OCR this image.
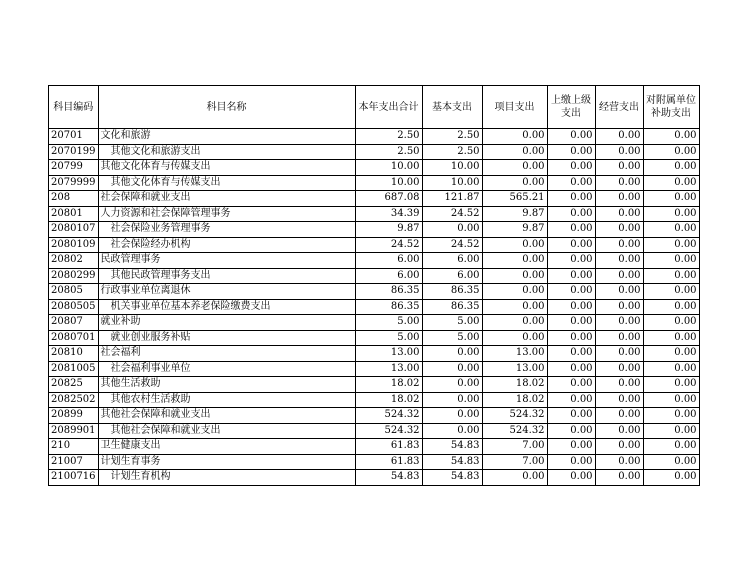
科目编码	科目名称	本年支出合计	基本支出	项目支出	上缴上级支出	经营支出	对附属单位补助支出
20701	文化和旅游	2.50	2.50	0.00	0.00	0.00	0.00
2070199	其他文化和旅游支出	2.50	2.50	0.00	0.00	0.00	0.00
20799	其他文化体育与传媒支出	10.00	10.00	0.00	0.00	0.00	0.00
2079999	其他文化体育与传媒支出	10.00	10.00	0.00	0.00	0.00	0.00
208	社会保障和就业支出	687.08	121.87	565.21	0.00	0.00	0.00
20801	人力资源和社会保障管理事务	34.39	24.52	9.87	0.00	0.00	0.00
2080107	社会保险业务管理事务	9.87	0.00	9.87	0.00	0.00	0.00
2080109	社会保险经办机构	24.52	24.52	0.00	0.00	0.00	0.00
20802	民政管理事务	6.00	6.00	0.00	0.00	0.00	0.00
2080299	其他民政管理事务支出	6.00	6.00	0.00	0.00	0.00	0.00
20805	行政事业单位离退休	86.35	86.35	0.00	0.00	0.00	0.00
2080505	机关事业单位基本养老保险缴费支出	86.35	86.35	0.00	0.00	0.00	0.00
20807	就业补助	5.00	5.00	0.00	0.00	0.00	0.00
2080701	就业创业服务补贴	5.00	5.00	0.00	0.00	0.00	0.00
20810	社会福利	13.00	0.00	13.00	0.00	0.00	0.00
2081005	社会福利事业单位	13.00	0.00	13.00	0.00	0.00	0.00
20825	其他生活救助	18.02	0.00	18.02	0.00	0.00	0.00
2082502	其他农村生活救助	18.02	0.00	18.02	0.00	0.00	0.00
20899	其他社会保障和就业支出	524.32	0.00	524.32	0.00	0.00	0.00
2089901	其他社会保障和就业支出	524.32	0.00	524.32	0.00	0.00	0.00
210	卫生健康支出	61.83	54.83	7.00	0.00	0.00	0.00
21007	计划生育事务	61.83	54.83	7.00	0.00	0.00	0.00
2100716	计划生育机构	54.83	54.83	0.00	0.00	0.00	0.00
